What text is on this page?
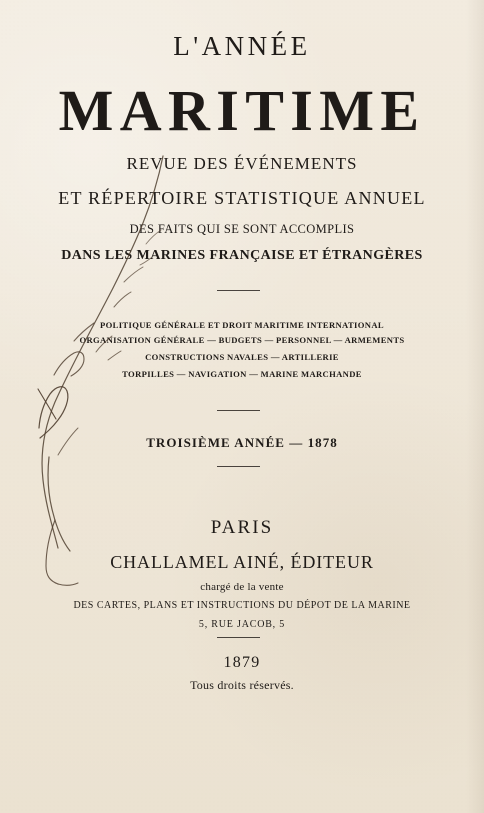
L'ANNÉE
MARITIME
REVUE DES ÉVÉNEMENTS
ET RÉPERTOIRE STATISTIQUE ANNUEL
DES FAITS QUI SE SONT ACCOMPLIS
DANS LES MARINES FRANÇAISE ET ÉTRANGÈRES
POLITIQUE GÉNÉRALE ET DROIT MARITIME INTERNATIONAL
ORGANISATION GÉNÉRALE — BUDGETS — PERSONNEL — ARMEMENTS
CONSTRUCTIONS NAVALES — ARTILLERIE
TORPILLES — NAVIGATION — MARINE MARCHANDE
TROISIÈME ANNÉE — 1878
PARIS
CHALLAMEL AINÉ, ÉDITEUR
chargé de la vente
DES CARTES, PLANS ET INSTRUCTIONS DU DÉPOT DE LA MARINE
5, RUE JACOB, 5
1879
Tous droits réservés.
